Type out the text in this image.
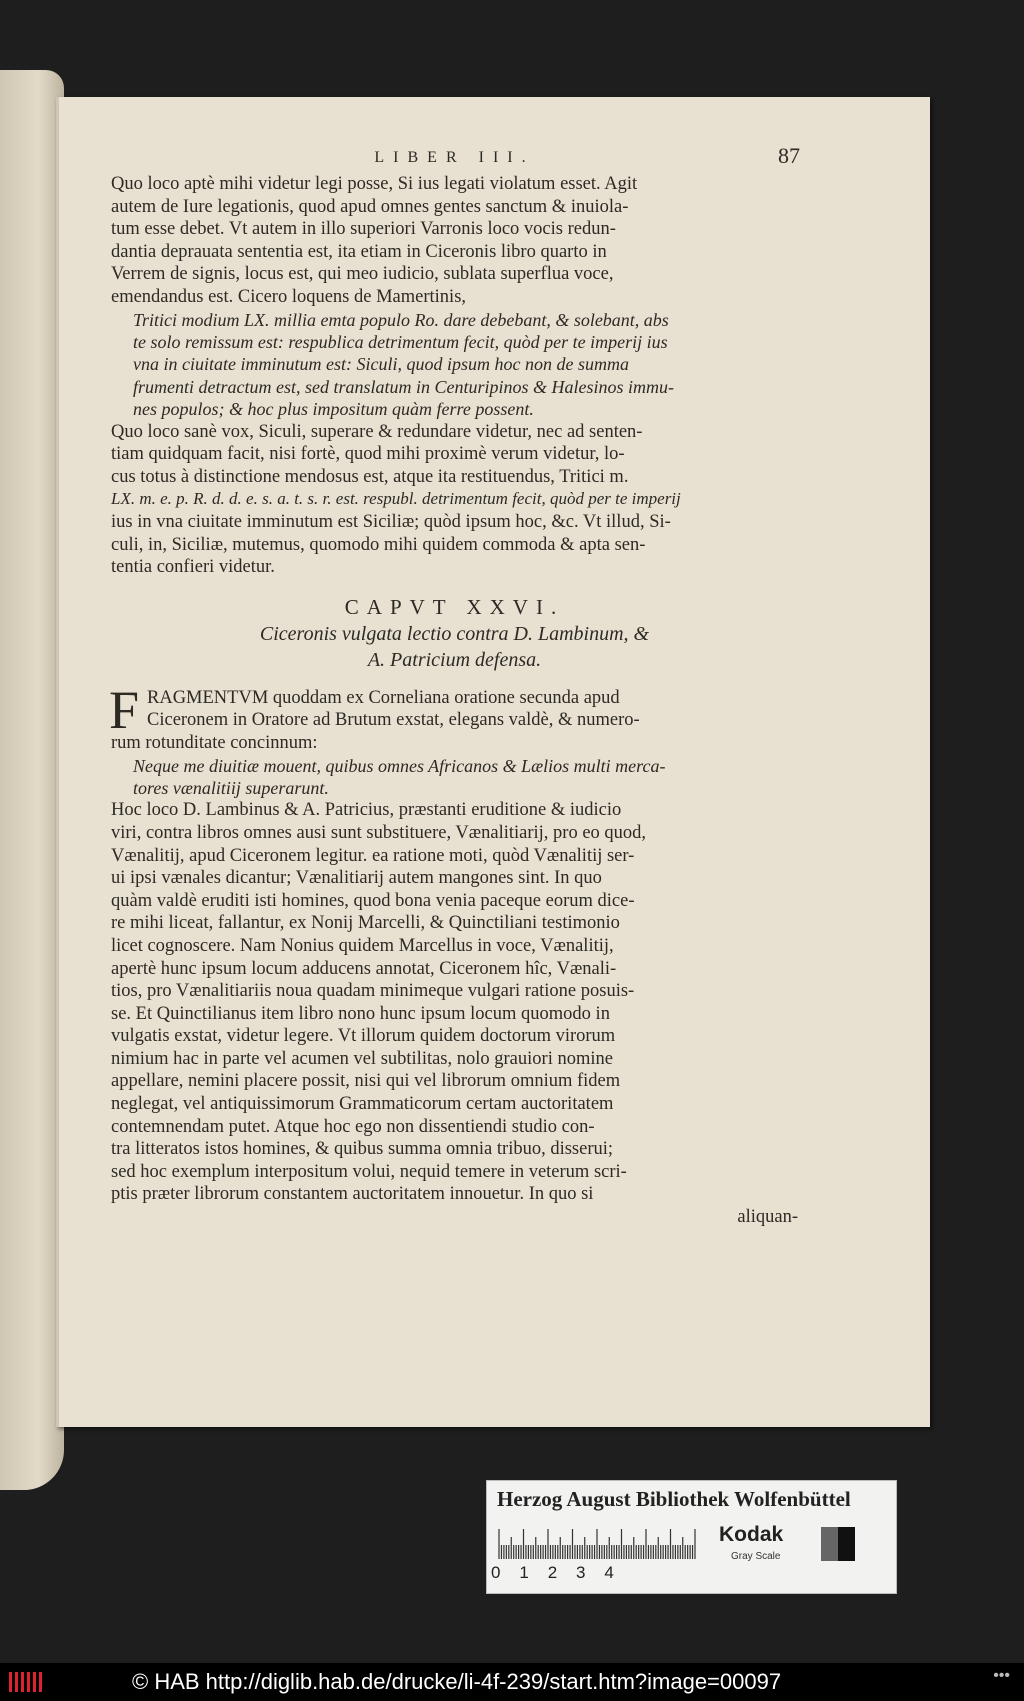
LIBER III.	87
Quo loco aptè mihi videtur legi posse, Si ius legati violatum esset. Agit
autem de Iure legationis, quod apud omnes gentes sanctum & inuiola-
tum esse debet. Vt autem in illo superiori Varronis loco vocis redun-
dantia deprauata sententia est, ita etiam in Ciceronis libro quarto in
Verrem de signis, locus est, qui meo iudicio, sublata superflua voce,
emendandus est. Cicero loquens de Mamertinis,
Tritici modium LX. millia emta populo Ro. dare debebant, & solebant, abs
te solo remissum est: respublica detrimentum fecit, quòd per te imperij ius
vna in ciuitate imminutum est: Siculi, quod ipsum hoc non de summa
frumenti detractum est, sed translatum in Centuripinos & Halesinos immu-
nes populos; & hoc plus impositum quàm ferre possent.
Quo loco sanè vox, Siculi, superare & redundare videtur, nec ad senten-
tiam quidquam facit, nisi fortè, quod mihi proximè verum videtur, lo-
cus totus à distinctione mendosus est, atque ita restituendus, Tritici m.
LX. m. e. p. R. d. d. e. s. a. t. s. r. est. respubl. detrimentum fecit, quòd per te imperij
ius in vna ciuitate imminutum est Siciliæ; quòd ipsum hoc, &c. Vt illud, Si-
culi, in, Siciliæ, mutemus, quomodo mihi quidem commoda & apta sen-
tentia confieri videtur.
CAPVT XXVI.
Ciceronis vulgata lectio contra D. Lambinum, &
A. Patricium defensa.
F RAGMENTVM quoddam ex Corneliana oratione secunda apud
Ciceronem in Oratore ad Brutum exstat, elegans valdè, & numero-
rum rotunditate concinnum:
Neque me diuitiæ mouent, quibus omnes Africanos & Lælios multi merca-
tores vænalitiij superarunt.
Hoc loco D. Lambinus & A. Patricius, præstanti eruditione & iudicio
viri, contra libros omnes ausi sunt substituere, Vænalitiarij, pro eo quod,
Vænalitij, apud Ciceronem legitur. ea ratione moti, quòd Vænalitij ser-
ui ipsi vænales dicantur; Vænalitiarij autem mangones sint. In quo
quàm valdè eruditi isti homines, quod bona venia paceque eorum dice-
re mihi liceat, fallantur, ex Nonij Marcelli, & Quinctiliani testimonio
licet cognoscere. Nam Nonius quidem Marcellus in voce, Vænalitij,
apertè hunc ipsum locum adducens annotat, Ciceronem hîc, Vænali-
tios, pro Vænalitiariis noua quadam minimeque vulgari ratione posuis-
se. Et Quinctilianus item libro nono hunc ipsum locum quomodo in
vulgatis exstat, videtur legere. Vt illorum quidem doctorum virorum
nimium hac in parte vel acumen vel subtilitas, nolo grauiori nomine
appellare, nemini placere possit, nisi qui vel librorum omnium fidem
neglegat, vel antiquissimorum Grammaticorum certam auctoritatem
contemnendam putet. Atque hoc ego non dissentiendi studio con-
tra litteratos istos homines, & quibus summa omnia tribuo, disserui;
sed hoc exemplum interpositum volui, nequid temere in veterum scri-
ptis præter librorum constantem auctoritatem innouetur. In quo si
aliquan-
Herzog August Bibliothek Wolfenbüttel
0    1    2    3    4
Kodak
Gray Scale
© HAB http://diglib.hab.de/drucke/li-4f-239/start.htm?image=00097	•••
